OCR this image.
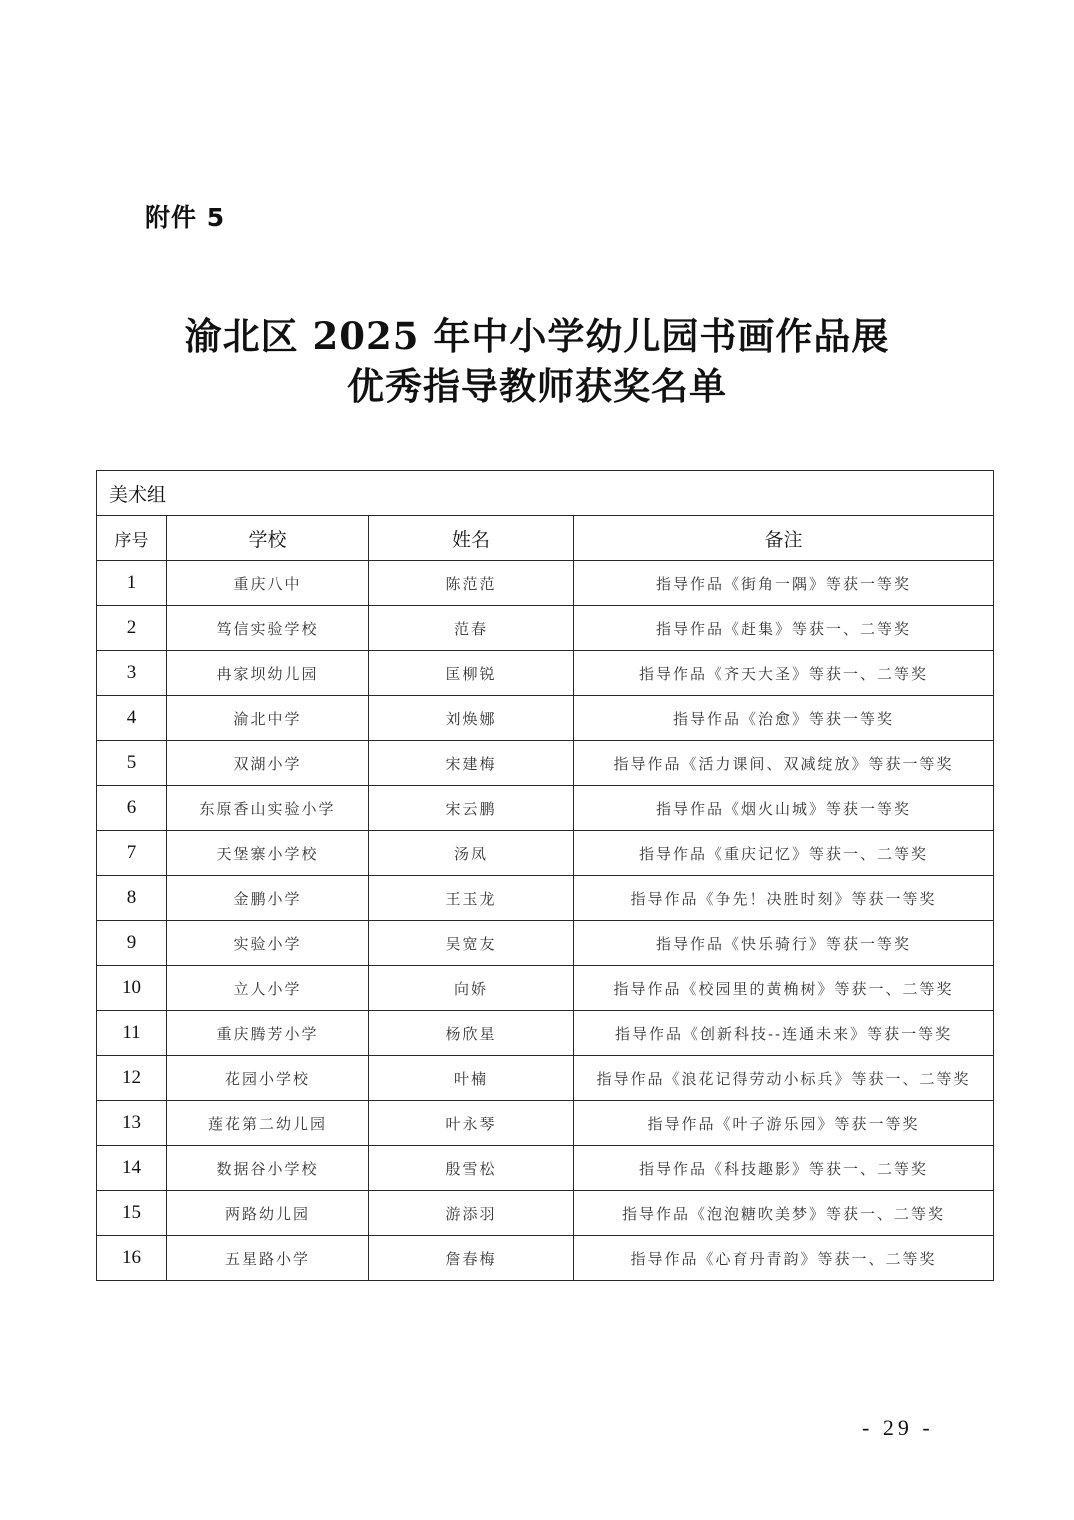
附件 5
渝北区 2025 年中小学幼儿园书画作品展
优秀指导教师获奖名单
美术组			
序号	学校	姓名	备注
1	重庆八中	陈范范	指导作品《街角一隅》等获一等奖
2	笃信实验学校	范春	指导作品《赶集》等获一、二等奖
3	冉家坝幼儿园	匡柳锐	指导作品《齐天大圣》等获一、二等奖
4	渝北中学	刘焕娜	指导作品《治愈》等获一等奖
5	双湖小学	宋建梅	指导作品《活力课间、双减绽放》等获一等奖
6	东原香山实验小学	宋云鹏	指导作品《烟火山城》等获一等奖
7	天堡寨小学校	汤凤	指导作品《重庆记忆》等获一、二等奖
8	金鹏小学	王玉龙	指导作品《争先！决胜时刻》等获一等奖
9	实验小学	吴宽友	指导作品《快乐骑行》等获一等奖
10	立人小学	向娇	指导作品《校园里的黄桷树》等获一、二等奖
11	重庆腾芳小学	杨欣星	指导作品《创新科技--连通未来》等获一等奖
12	花园小学校	叶楠	指导作品《浪花记得劳动小标兵》等获一、二等奖
13	莲花第二幼儿园	叶永琴	指导作品《叶子游乐园》等获一等奖
14	数据谷小学校	殷雪松	指导作品《科技趣影》等获一、二等奖
15	两路幼儿园	游添羽	指导作品《泡泡糖吹美梦》等获一、二等奖
16	五星路小学	詹春梅	指导作品《心育丹青韵》等获一、二等奖
- 29 -
